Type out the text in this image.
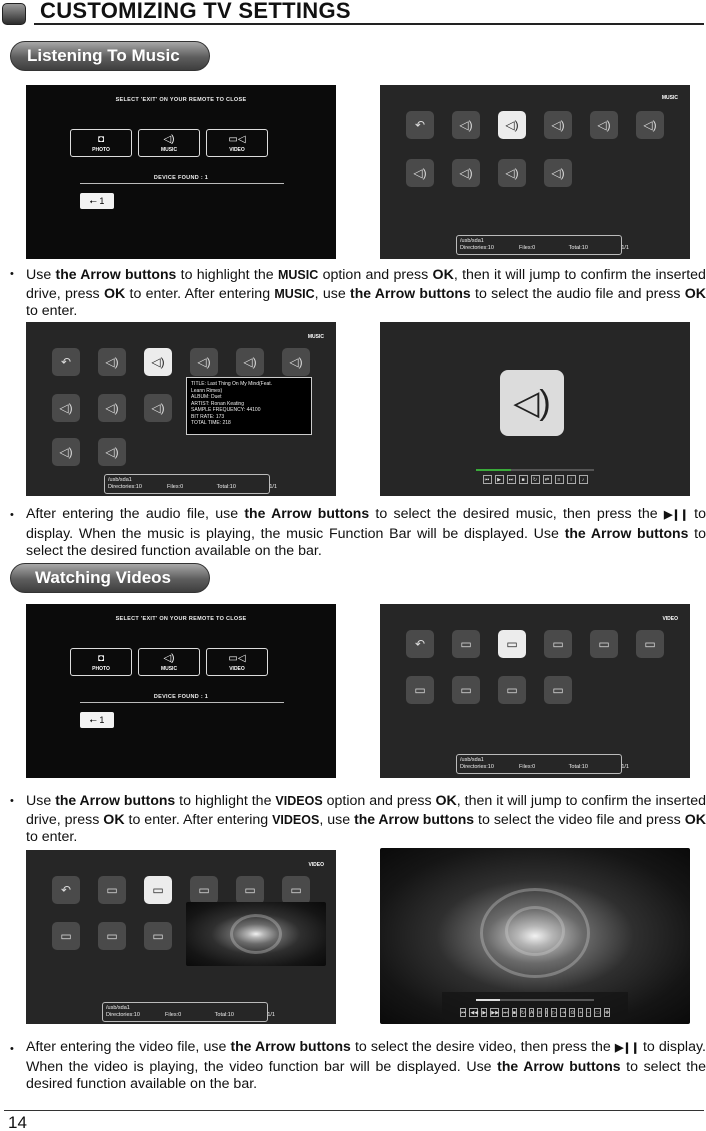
CUSTOMIZING TV SETTINGS
Listening To Music
SELECT 'EXIT' ON YOUR REMOTE TO CLOSE
◘
PHOTO
◁)
MUSIC
▭◁
VIDEO
DEVICE FOUND : 1
⭠ 1
MUSIC
↶	◁)	◁)	◁)	◁)	◁)
◁)	◁)	◁)	◁)
/usb/sda1
Directories:10	Files:0	Total:10	1/1
• Use the Arrow buttons to highlight the MUSIC option and press OK, then it will jump to confirm the inserted drive, press OK to enter. After entering MUSIC, use the Arrow buttons to select the audio file and press OK to enter.
MUSIC
↶	◁)	◁)	◁)	◁)	◁)
◁)	◁)	◁)
◁)	◁)
TITLE: Last Thing On My Mind(Feat.
Leann Rimes)
ALBUM: Duet
ARTIST: Ronan Keating
SAMPLE FREQUENCY: 44100
BIT RATE: 173
TOTAL TIME: 218
/usb/sda1
Directories:10	Files:0	Total:10	1/1
◁)
⏮	▶	⏭	■	↻	⇄	≡	i	♪
• After entering the audio file, use the Arrow buttons to select the desired music, then press the ▶❙❙ to display. When the music is playing, the music Function Bar will be displayed. Use the Arrow buttons to select the desired function available on the bar.
Watching Videos
SELECT 'EXIT' ON YOUR REMOTE TO CLOSE
◘
PHOTO
◁)
MUSIC
▭◁
VIDEO
DEVICE FOUND : 1
⭠ 1
VIDEO
↶	▭	▭	▭	▭	▭
▭	▭	▭	▭
/usb/sda1
Directories:10	Files:0	Total:10	1/1
• Use the Arrow buttons to highlight the VIDEOS option and press OK, then it will jump to confirm the inserted drive, press OK to enter. After entering VIDEOS, use the Arrow buttons to select the video file and press OK to enter.
VIDEO
↶	▭	▭	▭	▭	▭
▭	▭	▭
/usb/sda1
Directories:10	Files:0	Total:10	1/1	⏮ ◀◀ ▶ ▶▶ ⏭ ■ ↻ A ≡ i ▷ ⇥ ⏲ + − ▭ ✥
• After entering the video file, use the Arrow buttons to select the desire video, then press the ▶❙❙ to display. When the video is playing, the video function bar will be displayed. Use the Arrow buttons to select the desired function available on the bar.
14
